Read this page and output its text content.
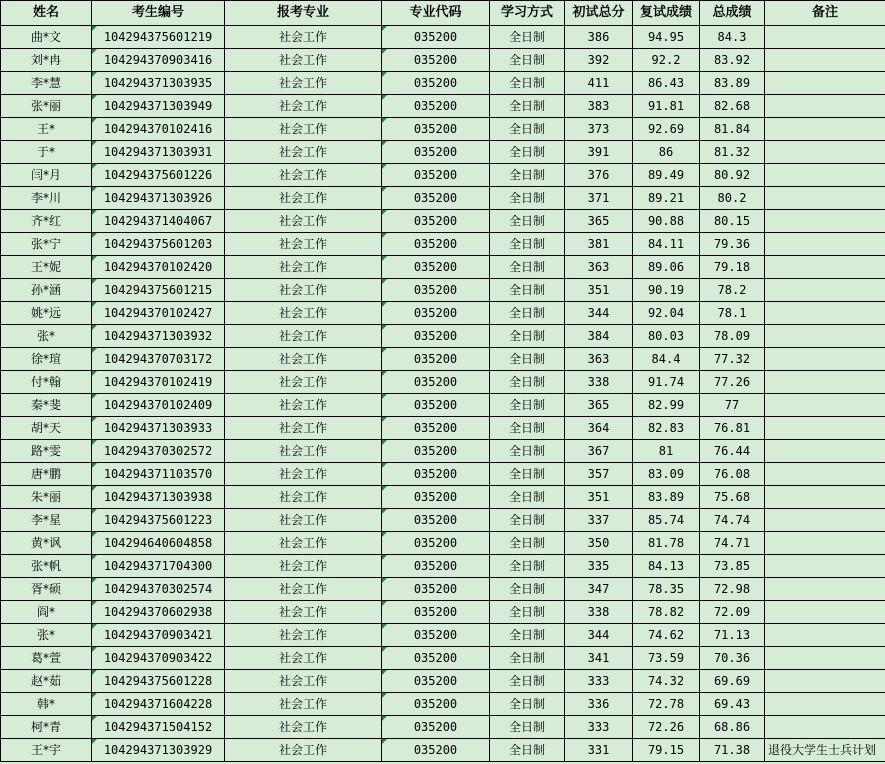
姓名	考生编号	报考专业	专业代码	学习方式	初试总分	复试成绩	总成绩	备注
曲*文	104294375601219	社会工作	035200	全日制	386	94.95	84.3	
刘*冉	104294370903416	社会工作	035200	全日制	392	92.2	83.92	
李*慧	104294371303935	社会工作	035200	全日制	411	86.43	83.89	
张*丽	104294371303949	社会工作	035200	全日制	383	91.81	82.68	
王*	104294370102416	社会工作	035200	全日制	373	92.69	81.84	
于*	104294371303931	社会工作	035200	全日制	391	86	81.32	
闫*月	104294375601226	社会工作	035200	全日制	376	89.49	80.92	
李*川	104294371303926	社会工作	035200	全日制	371	89.21	80.2	
齐*红	104294371404067	社会工作	035200	全日制	365	90.88	80.15	
张*宁	104294375601203	社会工作	035200	全日制	381	84.11	79.36	
王*妮	104294370102420	社会工作	035200	全日制	363	89.06	79.18	
孙*涵	104294375601215	社会工作	035200	全日制	351	90.19	78.2	
姚*远	104294370102427	社会工作	035200	全日制	344	92.04	78.1	
张*	104294371303932	社会工作	035200	全日制	384	80.03	78.09	
徐*瑄	104294370703172	社会工作	035200	全日制	363	84.4	77.32	
付*翰	104294370102419	社会工作	035200	全日制	338	91.74	77.26	
秦*斐	104294370102409	社会工作	035200	全日制	365	82.99	77	
胡*天	104294371303933	社会工作	035200	全日制	364	82.83	76.81	
路*雯	104294370302572	社会工作	035200	全日制	367	81	76.44	
唐*鹏	104294371103570	社会工作	035200	全日制	357	83.09	76.08	
朱*丽	104294371303938	社会工作	035200	全日制	351	83.89	75.68	
李*星	104294375601223	社会工作	035200	全日制	337	85.74	74.74	
黄*讽	104294640604858	社会工作	035200	全日制	350	81.78	74.71	
张*帆	104294371704300	社会工作	035200	全日制	335	84.13	73.85	
胥*硕	104294370302574	社会工作	035200	全日制	347	78.35	72.98	
阎*	104294370602938	社会工作	035200	全日制	338	78.82	72.09	
张*	104294370903421	社会工作	035200	全日制	344	74.62	71.13	
葛*萱	104294370903422	社会工作	035200	全日制	341	73.59	70.36	
赵*茹	104294375601228	社会工作	035200	全日制	333	74.32	69.69	
韩*	104294371604228	社会工作	035200	全日制	336	72.78	69.43	
柯*青	104294371504152	社会工作	035200	全日制	333	72.26	68.86	
王*宇	104294371303929	社会工作	035200	全日制	331	79.15	71.38	退役大学生士兵计划
